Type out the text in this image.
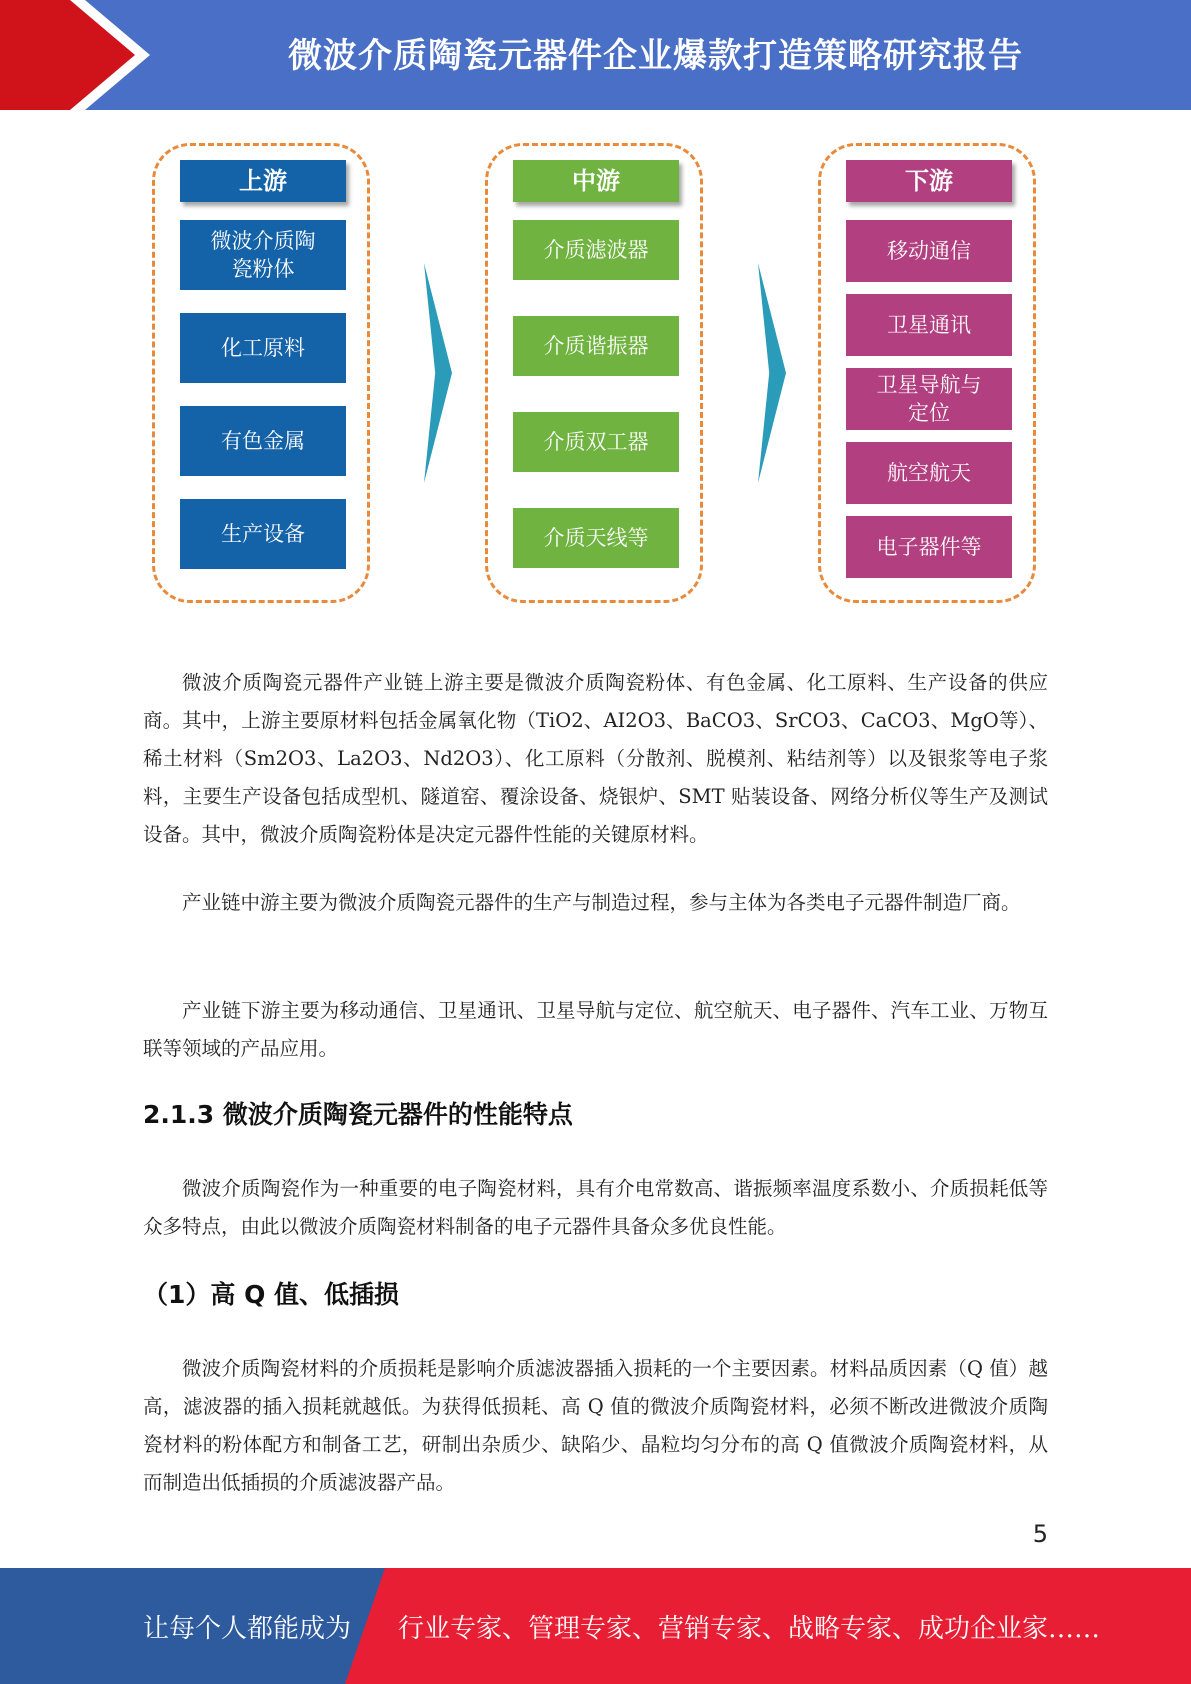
微波介质陶瓷元器件企业爆款打造策略研究报告
上游
微波介质陶瓷粉体
化工原料
有色金属
生产设备
中游
介质滤波器
介质谐振器
介质双工器
介质天线等
下游
移动通信
卫星通讯
卫星导航与定位
航空航天
电子器件等
微波介质陶瓷元器件产业链上游主要是微波介质陶瓷粉体、有色金属、化工原料、生产设备的供应商。其中，上游主要原材料包括金属氧化物（TiO2、AI2O3、BaCO3、SrCO3、CaCO3、MgO等）、稀土材料（Sm2O3、La2O3、Nd2O3）、化工原料（分散剂、脱模剂、粘结剂等）以及银浆等电子浆料，主要生产设备包括成型机、隧道窑、覆涂设备、烧银炉、SMT 贴装设备、网络分析仪等生产及测试设备。其中，微波介质陶瓷粉体是决定元器件性能的关键原材料。
产业链中游主要为微波介质陶瓷元器件的生产与制造过程，参与主体为各类电子元器件制造厂商。
产业链下游主要为移动通信、卫星通讯、卫星导航与定位、航空航天、电子器件、汽车工业、万物互联等领域的产品应用。
2.1.3 微波介质陶瓷元器件的性能特点
微波介质陶瓷作为一种重要的电子陶瓷材料，具有介电常数高、谐振频率温度系数小、介质损耗低等众多特点，由此以微波介质陶瓷材料制备的电子元器件具备众多优良性能。
（1）高 Q 值、低插损
微波介质陶瓷材料的介质损耗是影响介质滤波器插入损耗的一个主要因素。材料品质因素（Q 值）越高，滤波器的插入损耗就越低。为获得低损耗、高 Q 值的微波介质陶瓷材料，必须不断改进微波介质陶瓷材料的粉体配方和制备工艺，研制出杂质少、缺陷少、晶粒均匀分布的高 Q 值微波介质陶瓷材料，从而制造出低插损的介质滤波器产品。
5
让每个人都能成为 行业专家、管理专家、营销专家、战略专家、成功企业家……
